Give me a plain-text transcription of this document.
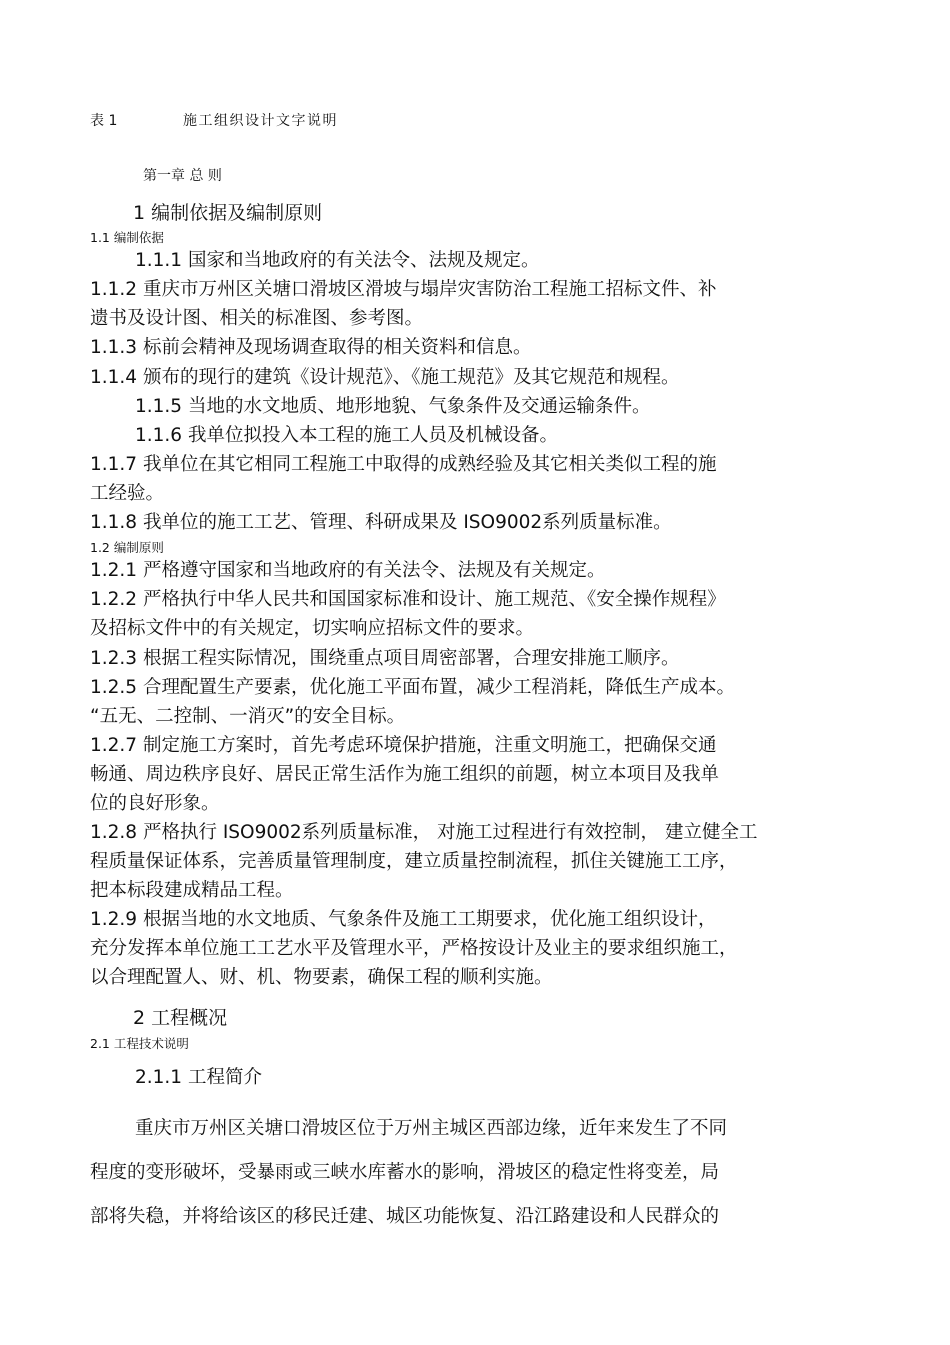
表 1	施工组织设计文字说明
第一章 总 则
1 编制依据及编制原则
1.1 编制依据
1.1.1 国家和当地政府的有关法令、法规及规定。
1.1.2 重庆市万州区关塘口滑坡区滑坡与塌岸灾害防治工程施工招标文件、补
遗书及设计图、相关的标准图、参考图。
1.1.3 标前会精神及现场调查取得的相关资料和信息。
1.1.4 颁布的现行的建筑《设计规范》、《施工规范》及其它规范和规程。
1.1.5 当地的水文地质、地形地貌、气象条件及交通运输条件。
1.1.6 我单位拟投入本工程的施工人员及机械设备。
1.1.7 我单位在其它相同工程施工中取得的成熟经验及其它相关类似工程的施
工经验。
1.1.8 我单位的施工工艺、管理、科研成果及 ISO9002系列质量标准。
1.2 编制原则
1.2.1 严格遵守国家和当地政府的有关法令、法规及有关规定。
1.2.2 严格执行中华人民共和国国家标准和设计、施工规范、《安全操作规程》
及招标文件中的有关规定，切实响应招标文件的要求。
1.2.3 根据工程实际情况，围绕重点项目周密部署，合理安排施工顺序。
1.2.5 合理配置生产要素，优化施工平面布置，减少工程消耗，降低生产成本。
“五无、二控制、一消灭”的安全目标。
1.2.7 制定施工方案时，首先考虑环境保护措施，注重文明施工，把确保交通
畅通、周边秩序良好、居民正常生活作为施工组织的前题，树立本项目及我单
位的良好形象。
1.2.8 严格执行 ISO9002系列质量标准， 对施工过程进行有效控制， 建立健全工
程质量保证体系，完善质量管理制度，建立质量控制流程，抓住关键施工工序，
把本标段建成精品工程。
1.2.9 根据当地的水文地质、气象条件及施工工期要求，优化施工组织设计，
充分发挥本单位施工工艺水平及管理水平，严格按设计及业主的要求组织施工，
以合理配置人、财、机、物要素，确保工程的顺利实施。
2 工程概况
2.1 工程技术说明
2.1.1 工程简介
重庆市万州区关塘口滑坡区位于万州主城区西部边缘，近年来发生了不同
程度的变形破坏，受暴雨或三峡水库蓄水的影响，滑坡区的稳定性将变差，局
部将失稳，并将给该区的移民迁建、城区功能恢复、沿江路建设和人民群众的
